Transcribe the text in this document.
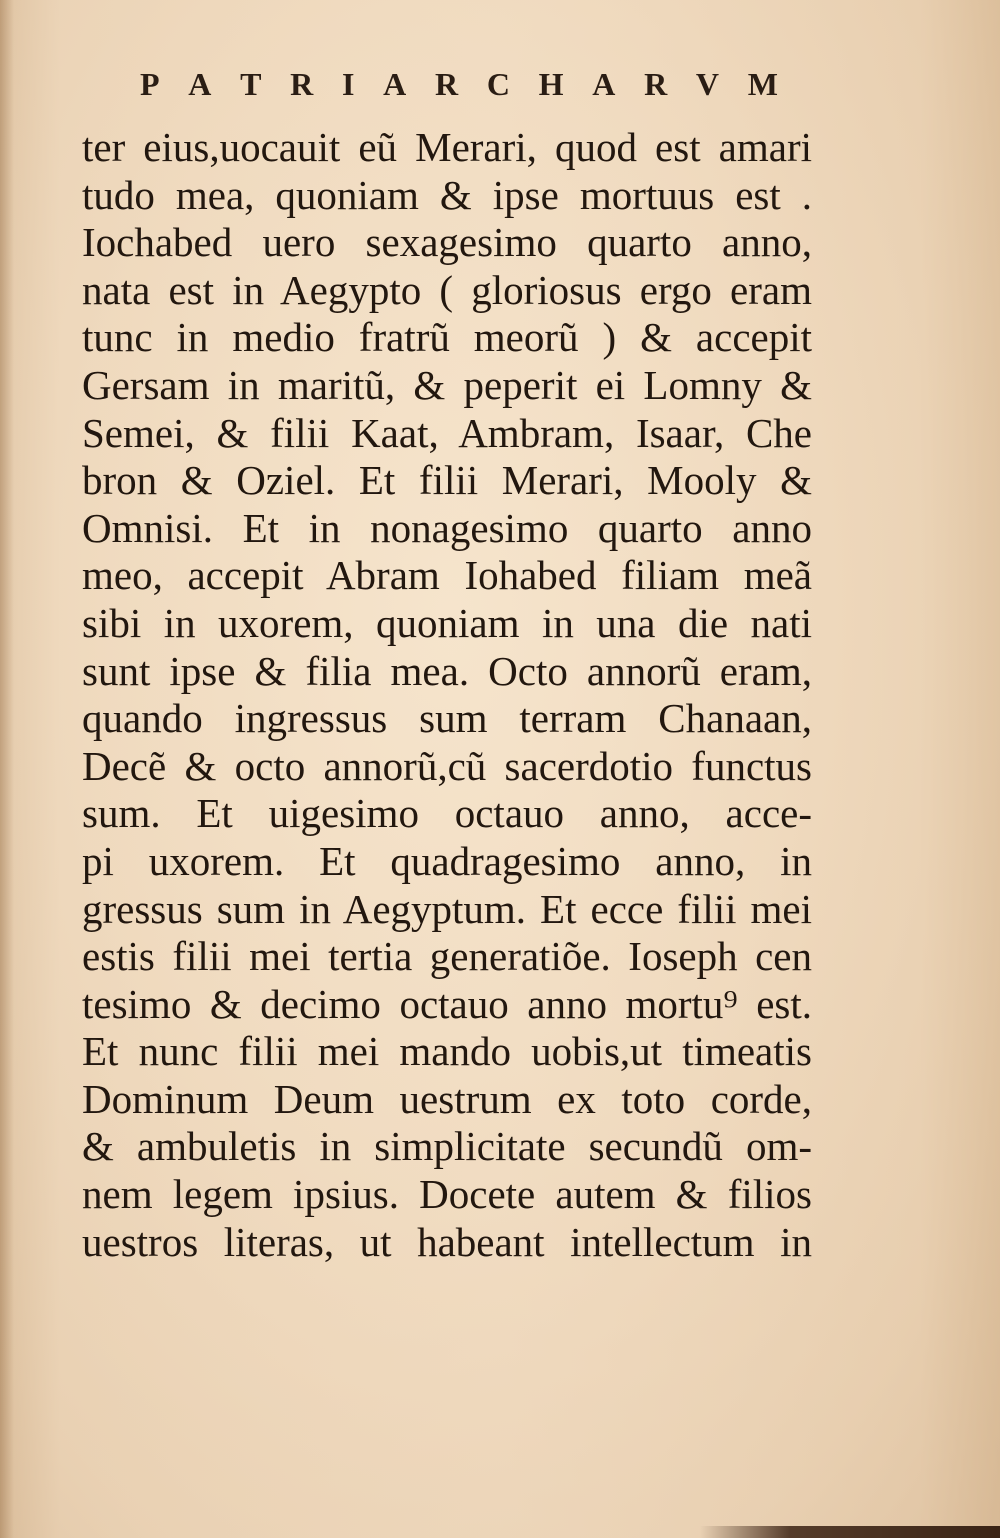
P A T R I A R C H A R V M
ter eius,uocauit eũ Merari, quod est amari
tudo mea, quoniam & ipse mortuus est .
Iochabed uero sexagesimo quarto anno,
nata est in Aegypto ( gloriosus ergo eram
tunc in medio fratrũ meorũ ) & accepit
Gersam in maritũ, & peperit ei Lomny &
Semei, & filii Kaat, Ambram, Isaar, Che
bron & Oziel. Et filii Merari, Mooly &
Omnisi. Et in nonagesimo quarto anno
meo, accepit Abram Iohabed filiam meã
sibi in uxorem, quoniam in una die nati
sunt ipse & filia mea. Octo annorũ eram,
quando ingressus sum terram Chanaan,
Decẽ & octo annorũ,cũ sacerdotio functus
sum. Et uigesimo octauo anno, acce-
pi uxorem. Et quadragesimo anno, in
gressus sum in Aegyptum. Et ecce filii mei
estis filii mei tertia generatiõe. Ioseph cen
tesimo & decimo octauo anno mortu⁹ est.
Et nunc filii mei mando uobis,ut timeatis
Dominum Deum uestrum ex toto corde,
& ambuletis in simplicitate secundũ om-
nem legem ipsius. Docete autem & filios
uestros literas, ut habeant intellectum in
